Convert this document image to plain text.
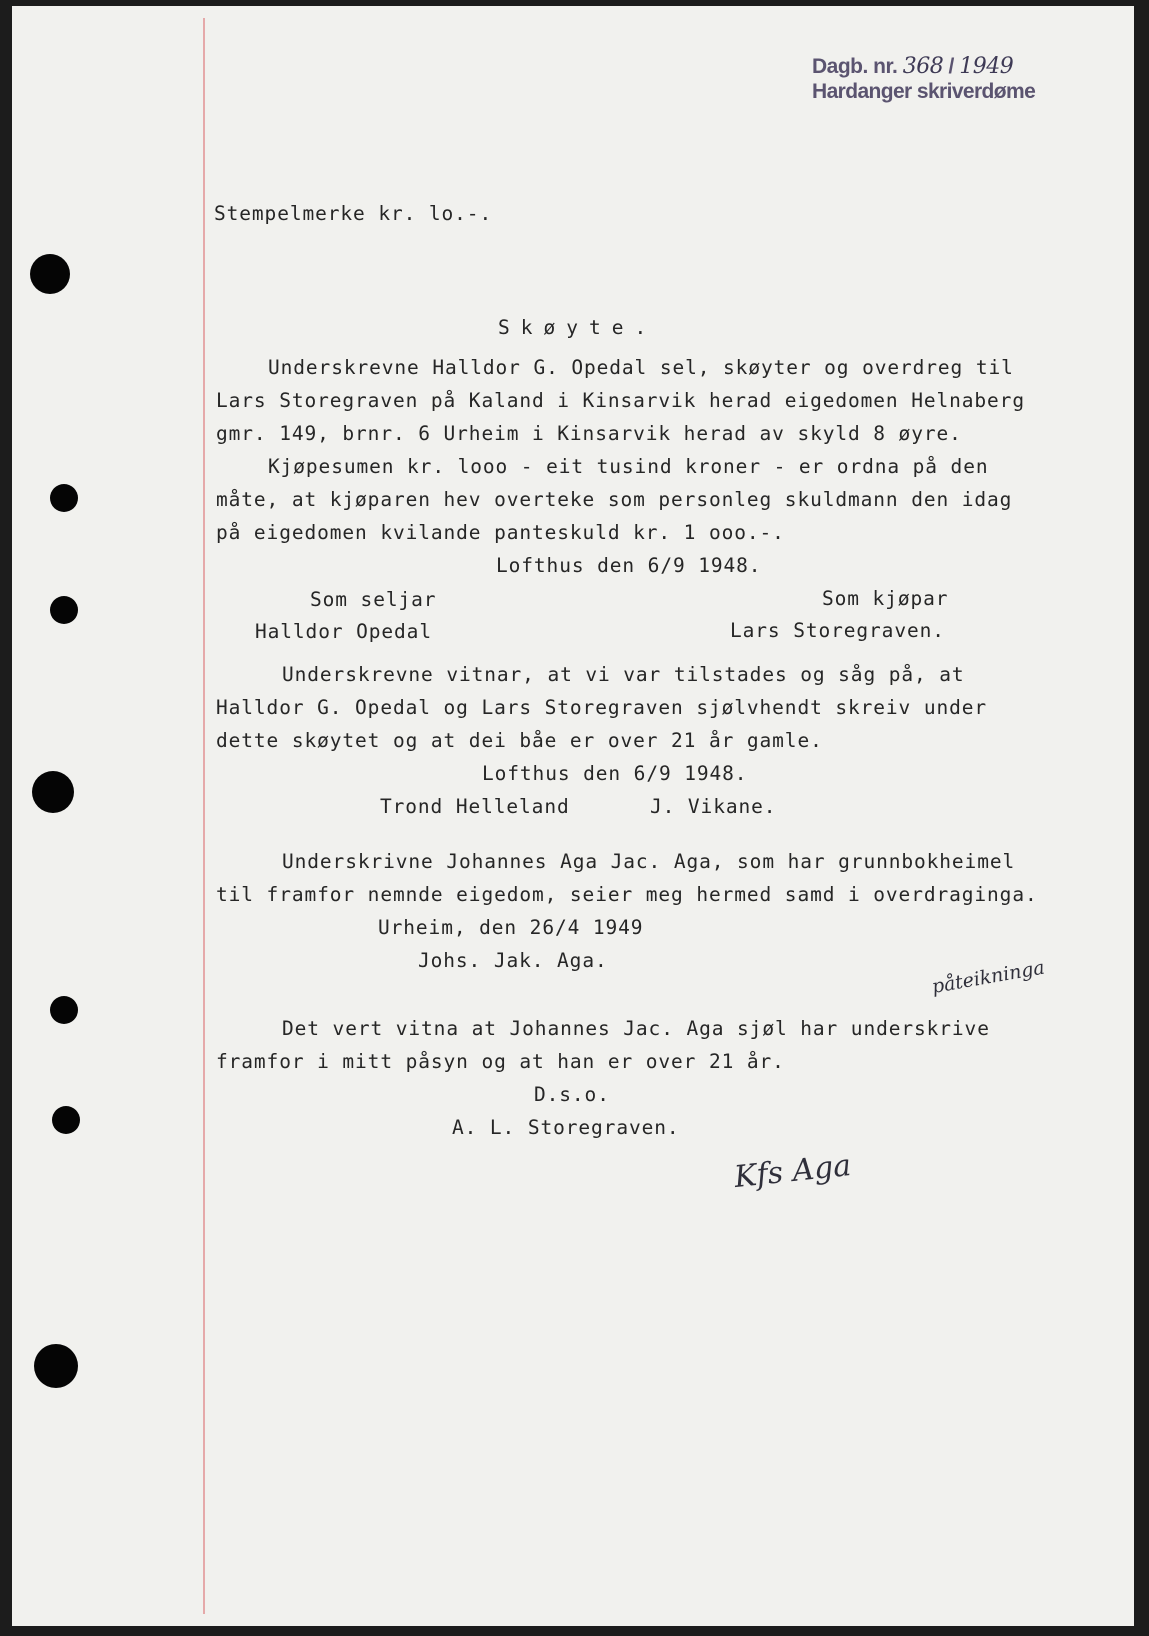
Dagb. nr. 368 / 1949
Hardanger skriverdøme
Stempelmerke kr. lo.-.
Skøyte.
Underskrevne Halldor G. Opedal sel, skøyter og overdreg til
Lars Storegraven på Kaland i Kinsarvik herad eigedomen Helnaberg
gmr. 149, brnr. 6 Urheim i Kinsarvik herad av skyld 8 øyre.
Kjøpesumen kr. looo - eit tusind kroner - er ordna på den
måte, at kjøparen hev overteke som personleg skuldmann den idag
på eigedomen kvilande panteskuld kr. 1 ooo.-.
Lofthus den 6/9 1948.
Som seljar	Som kjøpar
Halldor Opedal	Lars Storegraven.
Underskrevne vitnar, at vi var tilstades og såg på, at
Halldor G. Opedal og Lars Storegraven sjølvhendt skreiv under
dette skøytet og at dei båe er over 21 år gamle.
Lofthus den 6/9 1948.
Trond Helleland	J. Vikane.
Underskrivne Johannes Aga Jac. Aga, som har grunnbokheimel
til framfor nemnde eigedom, seier meg hermed samd i overdraginga.
Urheim, den 26/4 1949
Johs. Jak. Aga.	påteikninga
Det vert vitna at Johannes Jac. Aga sjøl har underskrive
framfor i mitt påsyn og at han er over 21 år.
D.s.o.
A. L. Storegraven.
Kfs Aga
